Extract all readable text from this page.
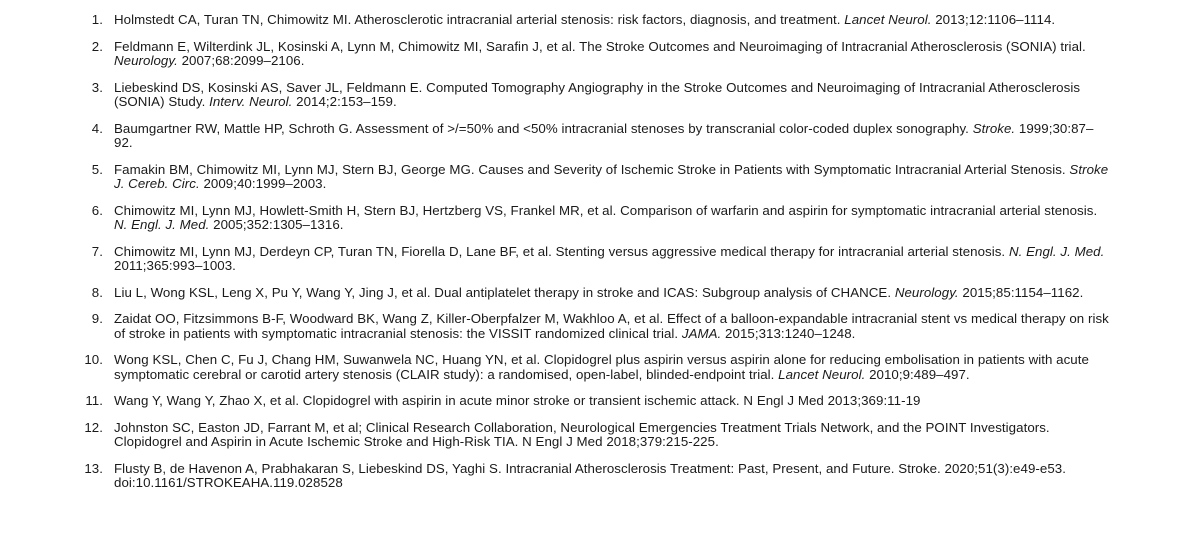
1. Holmstedt CA, Turan TN, Chimowitz MI. Atherosclerotic intracranial arterial stenosis: risk factors, diagnosis, and treatment. Lancet Neurol. 2013;12:1106–1114.
2. Feldmann E, Wilterdink JL, Kosinski A, Lynn M, Chimowitz MI, Sarafin J, et al. The Stroke Outcomes and Neuroimaging of Intracranial Atherosclerosis (SONIA) trial. Neurology. 2007;68:2099–2106.
3. Liebeskind DS, Kosinski AS, Saver JL, Feldmann E. Computed Tomography Angiography in the Stroke Outcomes and Neuroimaging of Intracranial Atherosclerosis (SONIA) Study. Interv. Neurol. 2014;2:153–159.
4. Baumgartner RW, Mattle HP, Schroth G. Assessment of >/=50% and <50% intracranial stenoses by transcranial color-coded duplex sonography. Stroke. 1999;30:87–92.
5. Famakin BM, Chimowitz MI, Lynn MJ, Stern BJ, George MG. Causes and Severity of Ischemic Stroke in Patients with Symptomatic Intracranial Arterial Stenosis. Stroke J. Cereb. Circ. 2009;40:1999–2003.
6. Chimowitz MI, Lynn MJ, Howlett-Smith H, Stern BJ, Hertzberg VS, Frankel MR, et al. Comparison of warfarin and aspirin for symptomatic intracranial arterial stenosis. N. Engl. J. Med. 2005;352:1305–1316.
7. Chimowitz MI, Lynn MJ, Derdeyn CP, Turan TN, Fiorella D, Lane BF, et al. Stenting versus aggressive medical therapy for intracranial arterial stenosis. N. Engl. J. Med. 2011;365:993–1003.
8. Liu L, Wong KSL, Leng X, Pu Y, Wang Y, Jing J, et al. Dual antiplatelet therapy in stroke and ICAS: Subgroup analysis of CHANCE. Neurology. 2015;85:1154–1162.
9. Zaidat OO, Fitzsimmons B-F, Woodward BK, Wang Z, Killer-Oberpfalzer M, Wakhloo A, et al. Effect of a balloon-expandable intracranial stent vs medical therapy on risk of stroke in patients with symptomatic intracranial stenosis: the VISSIT randomized clinical trial. JAMA. 2015;313:1240–1248.
10. Wong KSL, Chen C, Fu J, Chang HM, Suwanwela NC, Huang YN, et al. Clopidogrel plus aspirin versus aspirin alone for reducing embolisation in patients with acute symptomatic cerebral or carotid artery stenosis (CLAIR study): a randomised, open-label, blinded-endpoint trial. Lancet Neurol. 2010;9:489–497.
11. Wang Y, Wang Y, Zhao X, et al. Clopidogrel with aspirin in acute minor stroke or transient ischemic attack. N Engl J Med 2013;369:11-19
12. Johnston SC, Easton JD, Farrant M, et al; Clinical Research Collaboration, Neurological Emergencies Treatment Trials Network, and the POINT Investigators. Clopidogrel and Aspirin in Acute Ischemic Stroke and High-Risk TIA. N Engl J Med 2018;379:215-225.
13. Flusty B, de Havenon A, Prabhakaran S, Liebeskind DS, Yaghi S. Intracranial Atherosclerosis Treatment: Past, Present, and Future. Stroke. 2020;51(3):e49-e53. doi:10.1161/STROKEAHA.119.028528
